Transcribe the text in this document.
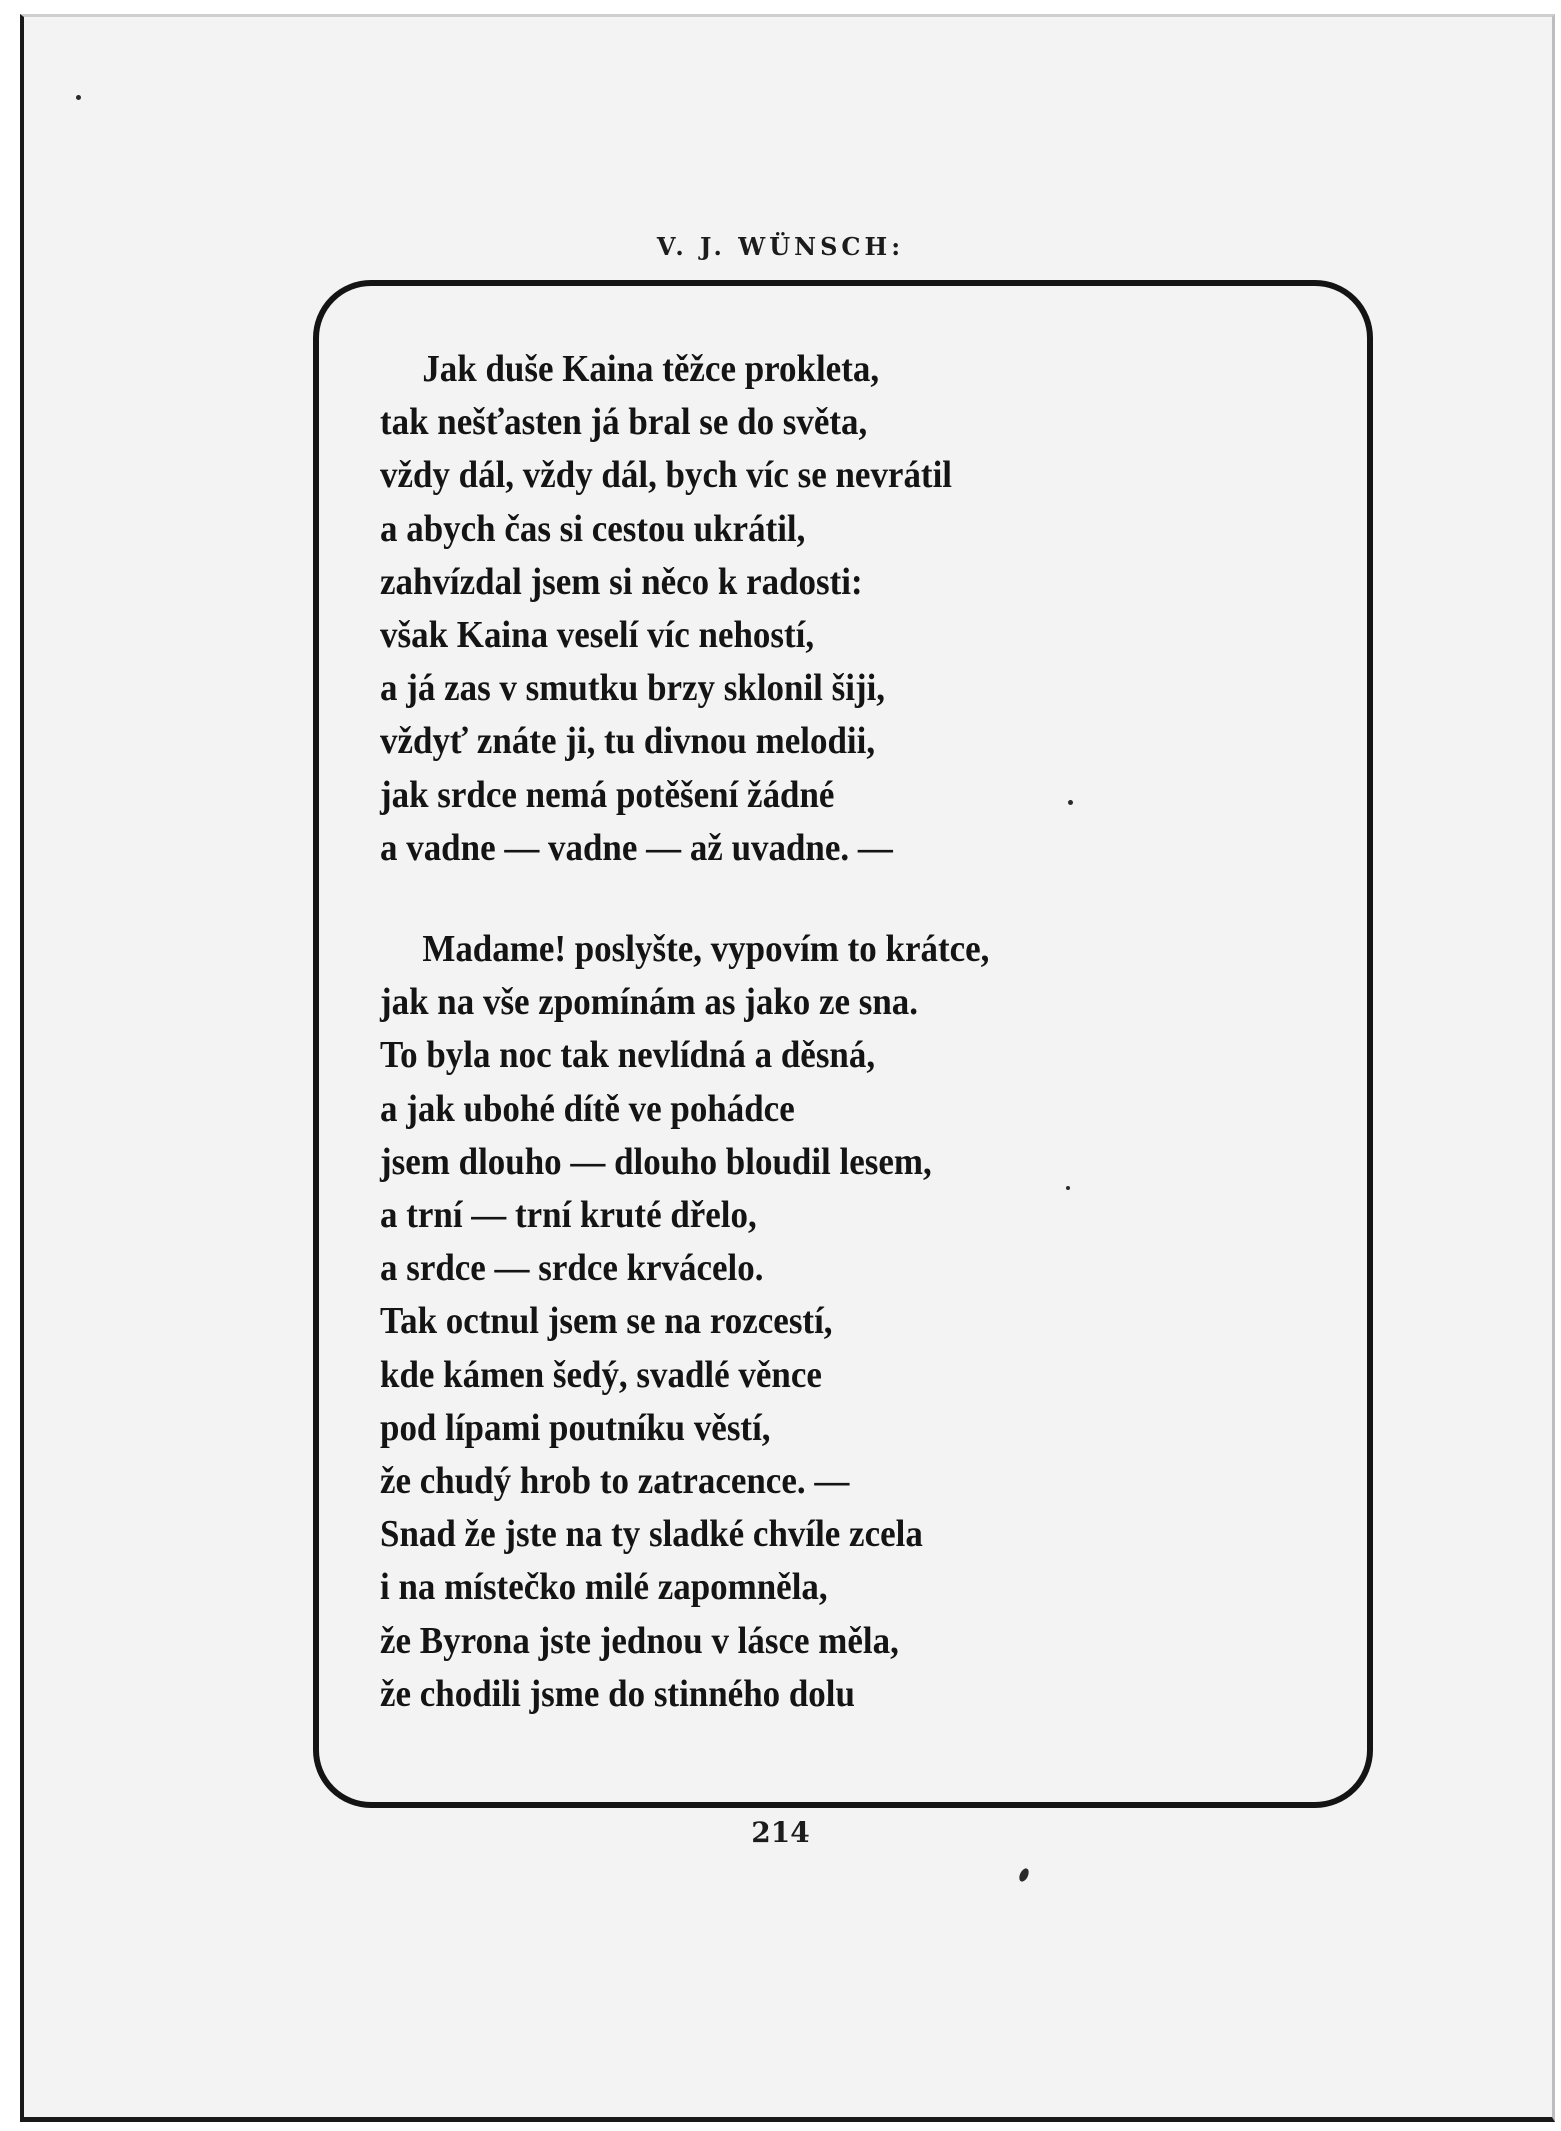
V. J. WÜNSCH:
Jak duše Kaina těžce prokleta,
tak nešťasten já bral se do světa,
vždy dál, vždy dál, bych víc se nevrátil
a abych čas si cestou ukrátil,
zahvízdal jsem si něco k radosti:
však Kaina veselí víc nehostí,
a já zas v smutku brzy sklonil šiji,
vždyť znáte ji, tu divnou melodii,
jak srdce nemá potěšení žádné
a vadne — vadne — až uvadne. —
Madame! poslyšte, vypovím to krátce,
jak na vše zpomínám as jako ze sna.
To byla noc tak nevlídná a děsná,
a jak ubohé dítě ve pohádce
jsem dlouho — dlouho bloudil lesem,
a trní — trní kruté dřelo,
a srdce — srdce krvácelo.
Tak octnul jsem se na rozcestí,
kde kámen šedý, svadlé věnce
pod lípami poutníku věstí,
že chudý hrob to zatracence. —
Snad že jste na ty sladké chvíle zcela
i na místečko milé zapomněla,
že Byrona jste jednou v lásce měla,
že chodili jsme do stinného dolu
214
